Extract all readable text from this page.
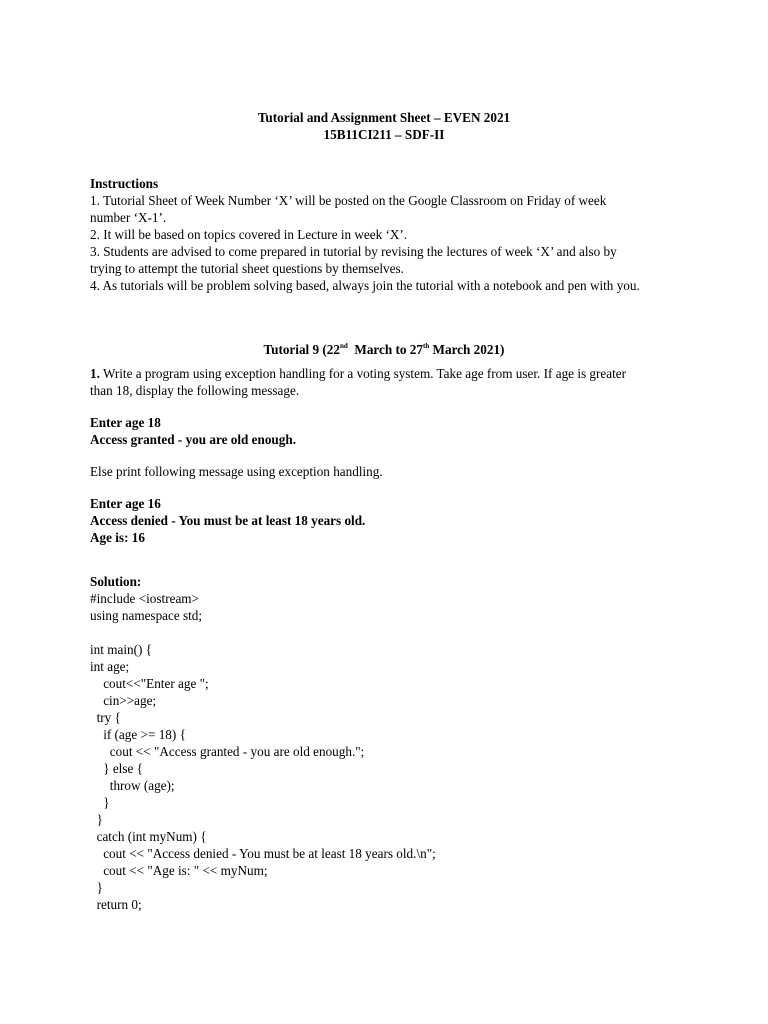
Tutorial and Assignment Sheet – EVEN 2021
15B11CI211 – SDF-II
Instructions
1. Tutorial Sheet of Week Number ‘X’ will be posted on the Google Classroom on Friday of week
number ‘X-1’.
2. It will be based on topics covered in Lecture in week ‘X’.
3. Students are advised to come prepared in tutorial by revising the lectures of week ‘X’ and also by
trying to attempt the tutorial sheet questions by themselves.
4. As tutorials will be problem solving based, always join the tutorial with a notebook and pen with you.
Tutorial 9 (22nd  March to 27th March 2021)
1. Write a program using exception handling for a voting system. Take age from user. If age is greater
than 18, display the following message.
Enter age 18
Access granted - you are old enough.
Else print following message using exception handling.
Enter age 16
Access denied - You must be at least 18 years old.
Age is: 16
Solution:
#include <iostream>
using namespace std;
int main() {
int age;
cout<<"Enter age ";
cin>>age;
try {
if (age >= 18) {
cout << "Access granted - you are old enough.";
} else {
throw (age);
}
}
catch (int myNum) {
cout << "Access denied - You must be at least 18 years old.\n";
cout << "Age is: " << myNum;
}
return 0;
